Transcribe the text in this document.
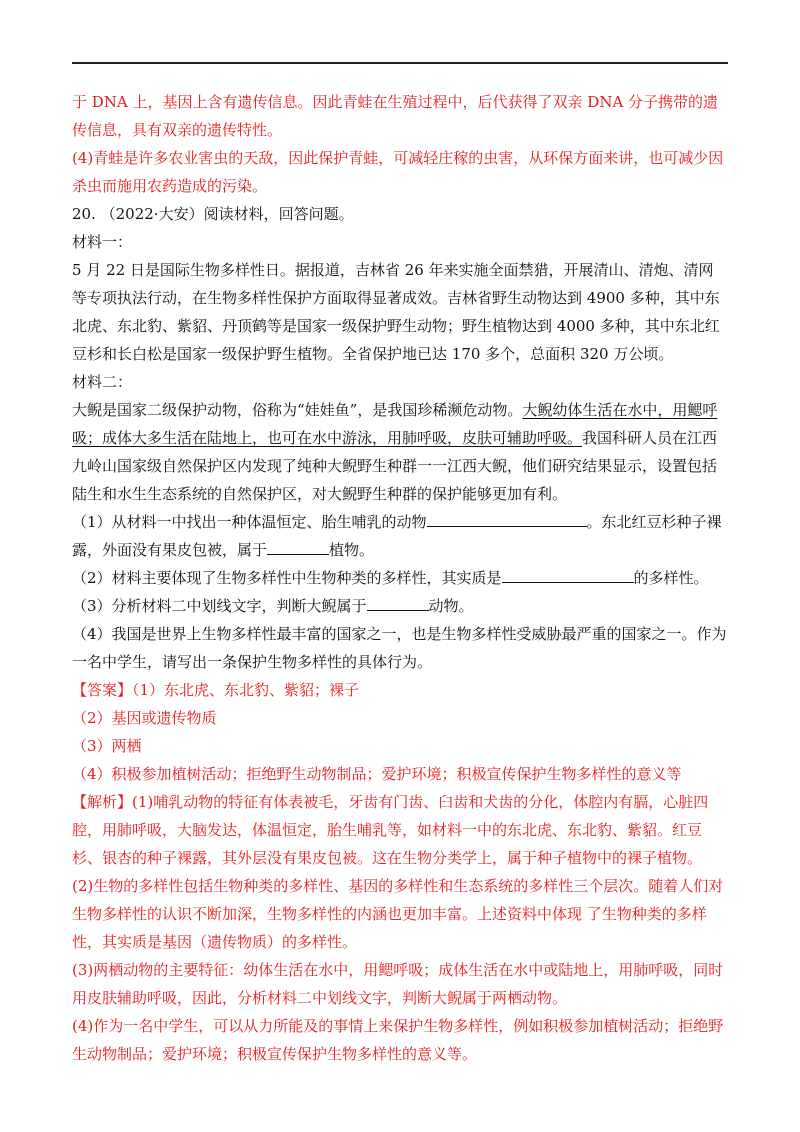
于 DNA 上，基因上含有遗传信息。因此青蛙在生殖过程中，后代获得了双亲 DNA 分子携带的遗传信息，具有双亲的遗传特性。

(4)青蛙是许多农业害虫的天敌，因此保护青蛙，可减轻庄稼的虫害，从环保方面来讲，也可减少因杀虫而施用农药造成的污染。

20. （2022·大安）阅读材料，回答问题。

材料一：

5 月 22 日是国际生物多样性日。据报道，吉林省 26 年来实施全面禁猎，开展清山、清炮、清网等专项执法行动，在生物多样性保护方面取得显著成效。吉林省野生动物达到 4900 多种，其中东北虎、东北豹、紫貂、丹顶鹤等是国家一级保护野生动物；野生植物达到 4000 多种，其中东北红豆杉和长白松是国家一级保护野生植物。全省保护地已达 170 多个，总面积 320 万公顷。

材料二：

大鲵是国家二级保护动物，俗称为“娃娃鱼”，是我国珍稀濒危动物。大鲵幼体生活在水中，用鳃呼吸；成体大多生活在陆地上，也可在水中游泳，用肺呼吸，皮肤可辅助呼吸。我国科研人员在江西九岭山国家级自然保护区内发现了纯种大鲵野生种群一一江西大鲵，他们研究结果显示，设置包括陆生和水生生态系统的自然保护区，对大鲵野生种群的保护能够更加有利。

（1）从材料一中找出一种体温恒定、胎生哺乳的动物	。东北红豆杉种子裸露，外面没有果皮包被，属于	植物。

（2）材料主要体现了生物多样性中生物种类的多样性，其实质是	的多样性。

（3）分析材料二中划线文字，判断大鲵属于	动物。

（4）我国是世界上生物多样性最丰富的国家之一，也是生物多样性受威胁最严重的国家之一。作为一名中学生，请写出一条保护生物多样性的具体行为。

【答案】（1）东北虎、东北豹、紫貂；裸子

（2）基因或遗传物质

（3）两栖

（4）积极参加植树活动；拒绝野生动物制品；爱护环境；积极宣传保护生物多样性的意义等

【解析】(1)哺乳动物的特征有体表被毛，牙齿有门齿、臼齿和犬齿的分化，体腔内有膈，心脏四腔，用肺呼吸，大脑发达，体温恒定，胎生哺乳等，如材料一中的东北虎、东北豹、紫貂。红豆杉、银杏的种子裸露，其外层没有果皮包被。这在生物分类学上，属于种子植物中的裸子植物。

(2)生物的多样性包括生物种类的多样性、基因的多样性和生态系统的多样性三个层次。随着人们对生物多样性的认识不断加深，生物多样性的内涵也更加丰富。上述资料中体现 了生物种类的多样性，其实质是基因（遗传物质）的多样性。

(3)两栖动物的主要特征：幼体生活在水中，用鳃呼吸；成体生活在水中或陆地上，用肺呼吸，同时用皮肤辅助呼吸，因此，分析材料二中划线文字，判断大鲵属于两栖动物。

(4)作为一名中学生，可以从力所能及的事情上来保护生物多样性，例如积极参加植树活动；拒绝野生动物制品；爱护环境；积极宣传保护生物多样性的意义等。
